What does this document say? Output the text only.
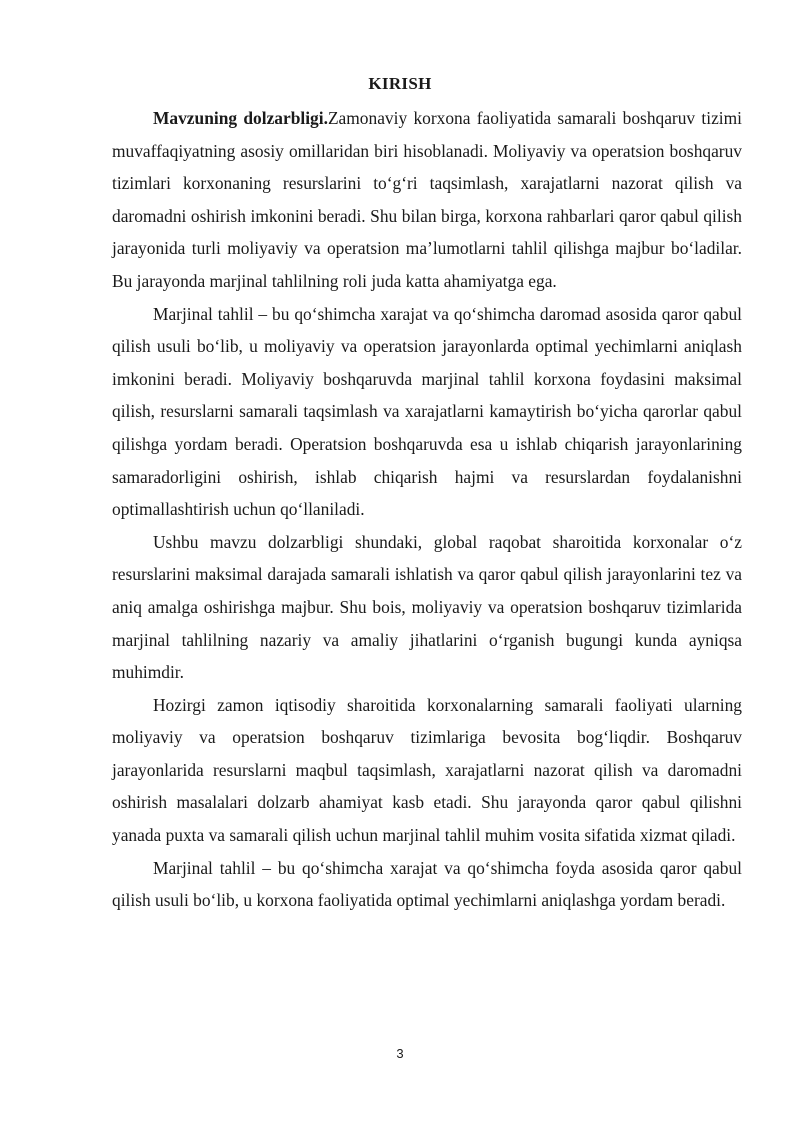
KIRISH

Mavzuning dolzarbligi.Zamonaviy korxona faoliyatida samarali boshqaruv tizimi muvaffaqiyatning asosiy omillaridan biri hisoblanadi. Moliyaviy va operatsion boshqaruv tizimlari korxonaning resurslarini to‘g‘ri taqsimlash, xarajatlarni nazorat qilish va daromadni oshirish imkonini beradi. Shu bilan birga, korxona rahbarlari qaror qabul qilish jarayonida turli moliyaviy va operatsion ma’lumotlarni tahlil qilishga majbur bo‘ladilar. Bu jarayonda marjinal tahlilning roli juda katta ahamiyatga ega.

Marjinal tahlil – bu qo‘shimcha xarajat va qo‘shimcha daromad asosida qaror qabul qilish usuli bo‘lib, u moliyaviy va operatsion jarayonlarda optimal yechimlarni aniqlash imkonini beradi. Moliyaviy boshqaruvda marjinal tahlil korxona foydasini maksimal qilish, resurslarni samarali taqsimlash va xarajatlarni kamaytirish bo‘yicha qarorlar qabul qilishga yordam beradi. Operatsion boshqaruvda esa u ishlab chiqarish jarayonlarining samaradorligini oshirish, ishlab chiqarish hajmi va resurslardan foydalanishni optimallashtirish uchun qo‘llaniladi.

Ushbu mavzu dolzarbligi shundaki, global raqobat sharoitida korxonalar o‘z resurslarini maksimal darajada samarali ishlatish va qaror qabul qilish jarayonlarini tez va aniq amalga oshirishga majbur. Shu bois, moliyaviy va operatsion boshqaruv tizimlarida marjinal tahlilning nazariy va amaliy jihatlarini o‘rganish bugungi kunda ayniqsa muhimdir.

Hozirgi zamon iqtisodiy sharoitida korxonalarning samarali faoliyati ularning moliyaviy va operatsion boshqaruv tizimlariga bevosita bog‘liqdir. Boshqaruv jarayonlarida resurslarni maqbul taqsimlash, xarajatlarni nazorat qilish va daromadni oshirish masalalari dolzarb ahamiyat kasb etadi. Shu jarayonda qaror qabul qilishni yanada puxta va samarali qilish uchun marjinal tahlil muhim vosita sifatida xizmat qiladi.

Marjinal tahlil – bu qo‘shimcha xarajat va qo‘shimcha foyda asosida qaror qabul qilish usuli bo‘lib, u korxona faoliyatida optimal yechimlarni aniqlashga yordam beradi.

3
